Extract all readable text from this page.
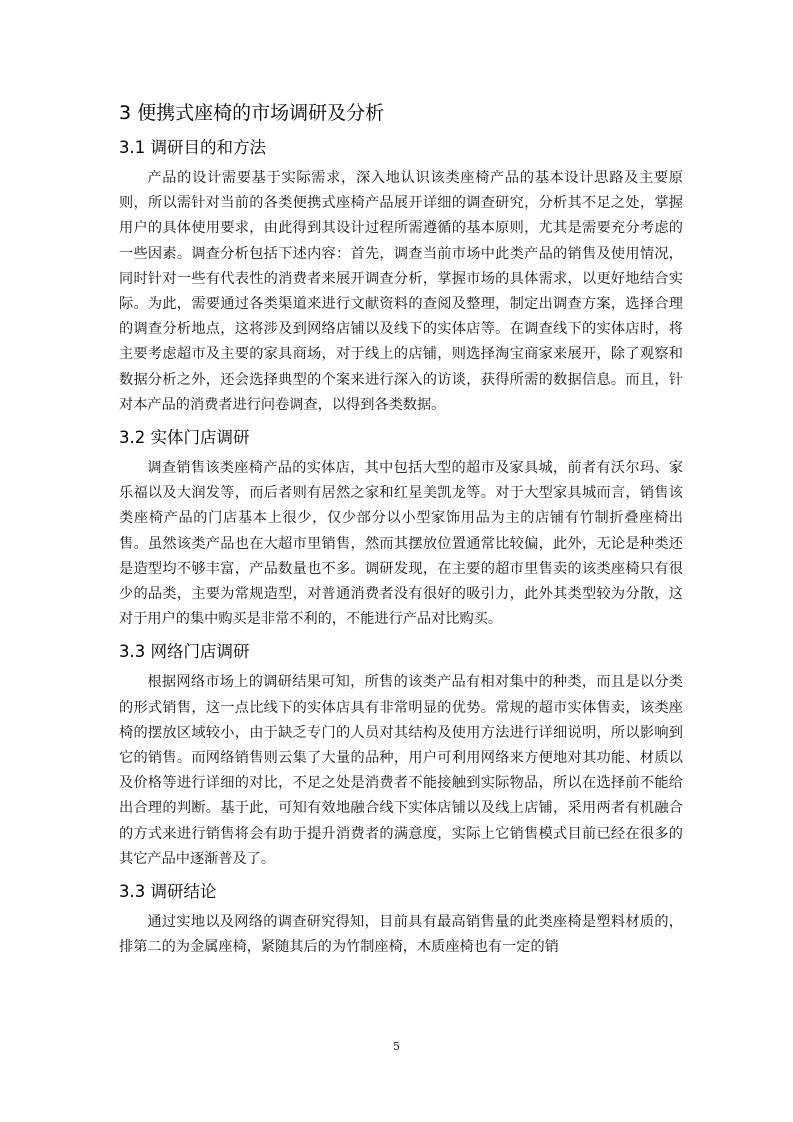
3 便携式座椅的市场调研及分析
3.1 调研目的和方法

产品的设计需要基于实际需求，深入地认识该类座椅产品的基本设计思路及主要原则，所以需针对当前的各类便携式座椅产品展开详细的调查研究，分析其不足之处，掌握用户的具体使用要求，由此得到其设计过程所需遵循的基本原则，尤其是需要充分考虑的一些因素。调查分析包括下述内容：首先，调查当前市场中此类产品的销售及使用情况，同时针对一些有代表性的消费者来展开调查分析，掌握市场的具体需求，以更好地结合实际。为此，需要通过各类渠道来进行文献资料的查阅及整理，制定出调查方案，选择合理的调查分析地点，这将涉及到网络店铺以及线下的实体店等。在调查线下的实体店时，将主要考虑超市及主要的家具商场，对于线上的店铺，则选择淘宝商家来展开，除了观察和数据分析之外，还会选择典型的个案来进行深入的访谈，获得所需的数据信息。而且，针对本产品的消费者进行问卷调查，以得到各类数据。

3.2 实体门店调研

调查销售该类座椅产品的实体店，其中包括大型的超市及家具城，前者有沃尔玛、家乐福以及大润发等，而后者则有居然之家和红星美凯龙等。对于大型家具城而言，销售该类座椅产品的门店基本上很少，仅少部分以小型家饰用品为主的店铺有竹制折叠座椅出售。虽然该类产品也在大超市里销售，然而其摆放位置通常比较偏，此外，无论是种类还是造型均不够丰富，产品数量也不多。调研发现，在主要的超市里售卖的该类座椅只有很少的品类，主要为常规造型，对普通消费者没有很好的吸引力，此外其类型较为分散，这对于用户的集中购买是非常不利的，不能进行产品对比购买。

3.3 网络门店调研

根据网络市场上的调研结果可知，所售的该类产品有相对集中的种类，而且是以分类的形式销售，这一点比线下的实体店具有非常明显的优势。常规的超市实体售卖，该类座椅的摆放区域较小，由于缺乏专门的人员对其结构及使用方法进行详细说明，所以影响到它的销售。而网络销售则云集了大量的品种，用户可利用网络来方便地对其功能、材质以及价格等进行详细的对比，不足之处是消费者不能接触到实际物品，所以在选择前不能给出合理的判断。基于此，可知有效地融合线下实体店铺以及线上店铺，采用两者有机融合的方式来进行销售将会有助于提升消费者的满意度，实际上它销售模式目前已经在很多的其它产品中逐渐普及了。

3.3 调研结论

通过实地以及网络的调查研究得知，目前具有最高销售量的此类座椅是塑料材质的，排第二的为金属座椅，紧随其后的为竹制座椅，木质座椅也有一定的销

5
